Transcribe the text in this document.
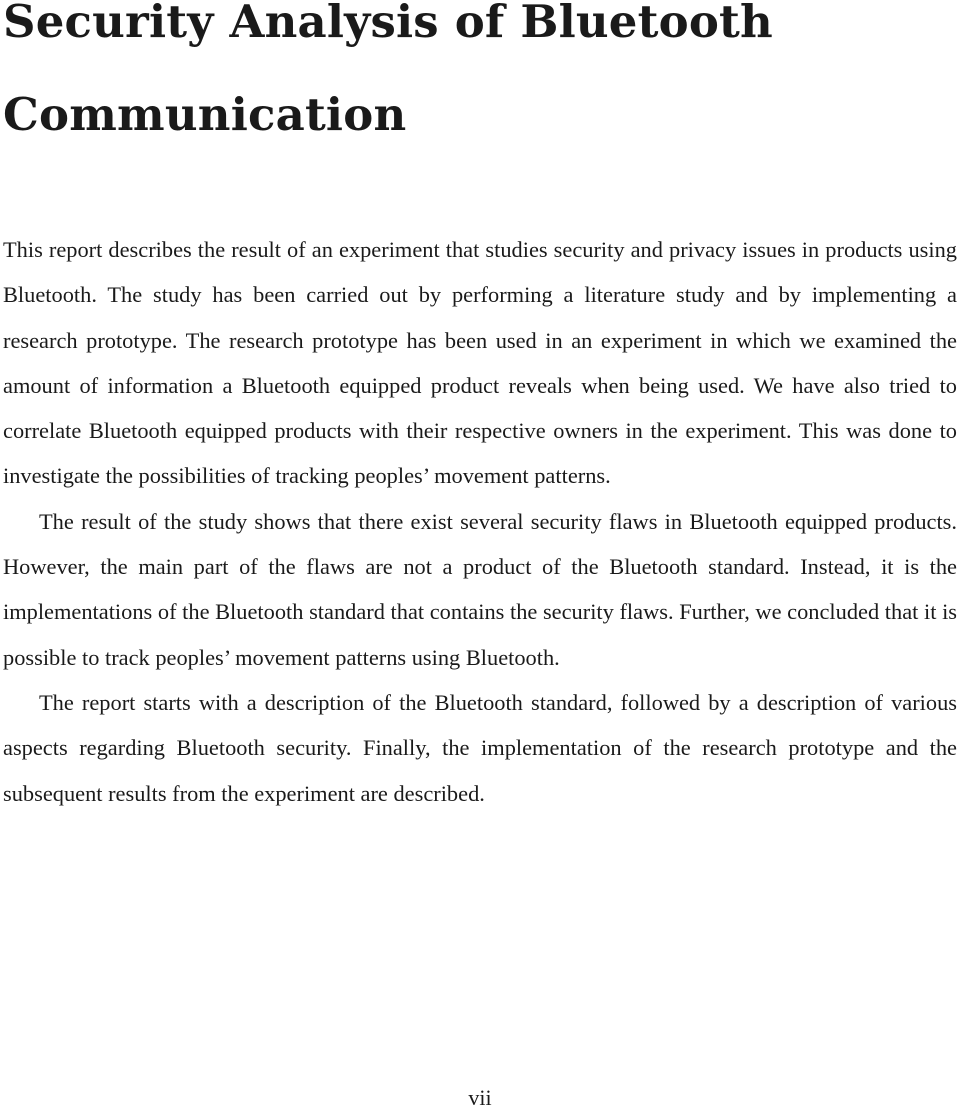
Security Analysis of Bluetooth Communication

This report describes the result of an experiment that studies security and privacy issues in products using Bluetooth. The study has been carried out by performing a literature study and by implementing a research prototype. The research prototype has been used in an experiment in which we examined the amount of information a Bluetooth equipped product reveals when being used. We have also tried to correlate Bluetooth equipped products with their respective owners in the experiment. This was done to investigate the possibilities of tracking peoples’ movement patterns.

The result of the study shows that there exist several security flaws in Bluetooth equipped products. However, the main part of the flaws are not a product of the Bluetooth standard. Instead, it is the implementations of the Bluetooth standard that contains the security flaws. Further, we concluded that it is possible to track peoples’ movement patterns using Bluetooth.

The report starts with a description of the Bluetooth standard, followed by a description of various aspects regarding Bluetooth security. Finally, the implementation of the research prototype and the subsequent results from the experiment are described.

vii
